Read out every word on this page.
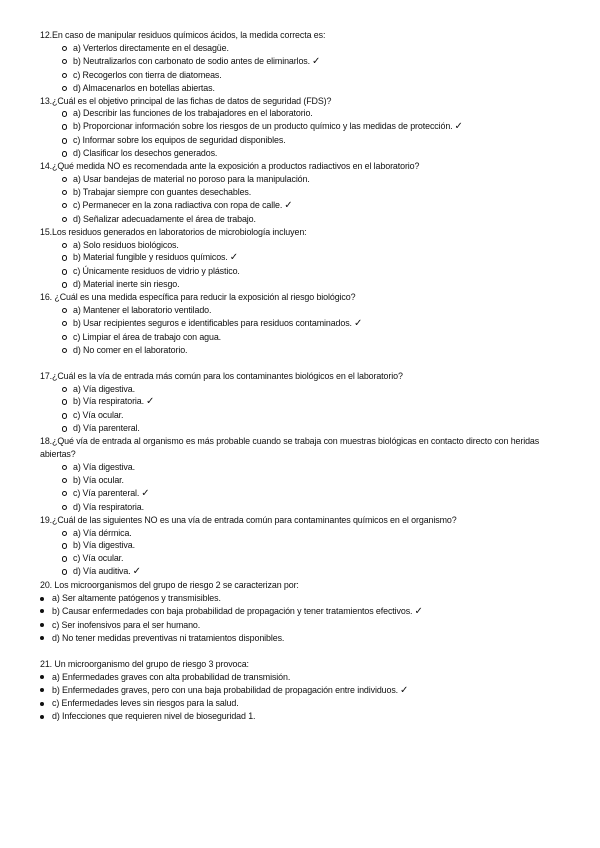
12.En caso de manipular residuos químicos ácidos, la medida correcta es:

a) Verterlos directamente en el desagüe.
b) Neutralizarlos con carbonato de sodio antes de eliminarlos. ✓
c) Recogerlos con tierra de diatomeas.
d) Almacenarlos en botellas abiertas.

13.¿Cuál es el objetivo principal de las fichas de datos de seguridad (FDS)?

a) Describir las funciones de los trabajadores en el laboratorio.
b) Proporcionar información sobre los riesgos de un producto químico y las medidas de protección. ✓
c) Informar sobre los equipos de seguridad disponibles.
d) Clasificar los desechos generados.

14.¿Qué medida NO es recomendada ante la exposición a productos radiactivos en el laboratorio?

a) Usar bandejas de material no poroso para la manipulación.
b) Trabajar siempre con guantes desechables.
c) Permanecer en la zona radiactiva con ropa de calle. ✓
d) Señalizar adecuadamente el área de trabajo.

15.Los residuos generados en laboratorios de microbiología incluyen:

a) Solo residuos biológicos.
b) Material fungible y residuos químicos. ✓
c) Únicamente residuos de vidrio y plástico.
d) Material inerte sin riesgo.

16. ¿Cuál es una medida específica para reducir la exposición al riesgo biológico?

a) Mantener el laboratorio ventilado.
b) Usar recipientes seguros e identificables para residuos contaminados. ✓
c) Limpiar el área de trabajo con agua.
d) No comer en el laboratorio.

17.¿Cuál es la vía de entrada más común para los contaminantes biológicos en el laboratorio?

a) Vía digestiva.
b) Vía respiratoria. ✓
c) Vía ocular.
d) Vía parenteral.

18.¿Qué vía de entrada al organismo es más probable cuando se trabaja con muestras biológicas en contacto directo con heridas abiertas?

a) Vía digestiva.
b) Vía ocular.
c) Vía parenteral. ✓
d) Vía respiratoria.

19.¿Cuál de las siguientes NO es una vía de entrada común para contaminantes químicos en el organismo?

a) Vía dérmica.
b) Vía digestiva.
c) Vía ocular.
d) Vía auditiva. ✓

20. Los microorganismos del grupo de riesgo 2 se caracterizan por:

a) Ser altamente patógenos y transmisibles.
b) Causar enfermedades con baja probabilidad de propagación y tener tratamientos efectivos. ✓
c) Ser inofensivos para el ser humano.
d) No tener medidas preventivas ni tratamientos disponibles.

21. Un microorganismo del grupo de riesgo 3 provoca:

a) Enfermedades graves con alta probabilidad de transmisión.
b) Enfermedades graves, pero con una baja probabilidad de propagación entre individuos. ✓
c) Enfermedades leves sin riesgos para la salud.
d) Infecciones que requieren nivel de bioseguridad 1.
